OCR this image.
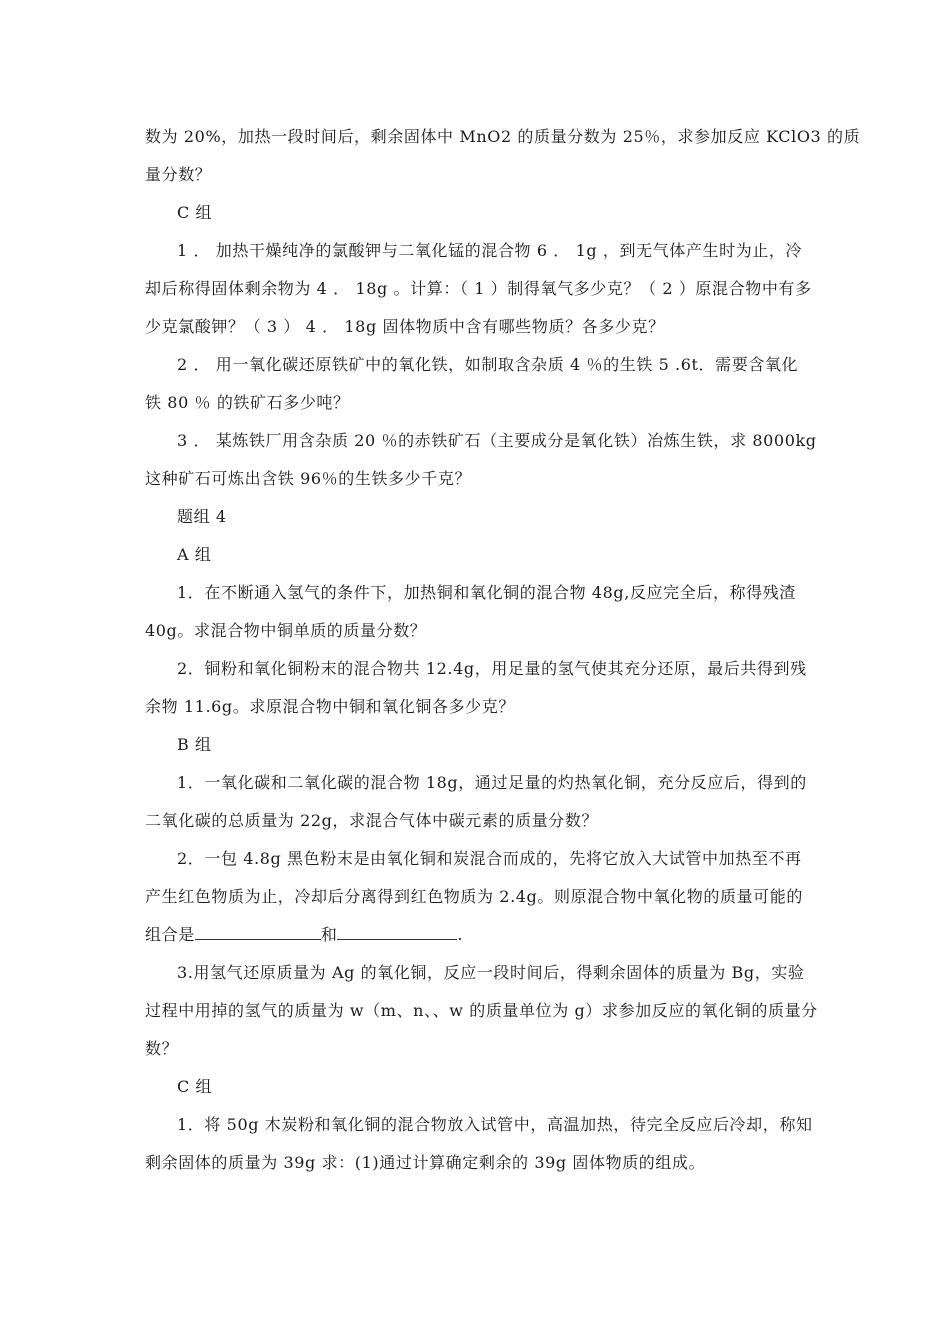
数为 20%，加热一段时间后，剩余固体中 MnO2 的质量分数为 25％，求参加反应 KClO3 的质
量分数？
C 组
1 ． 加热干燥纯净的氯酸钾与二氧化锰的混合物 6 ． 1g ，到无气体产生时为止，冷
却后称得固体剩余物为 4 ． 18g 。计算：（ 1 ）制得氧气多少克？（ 2 ）原混合物中有多
少克氯酸钾？（ 3 ） 4 ． 18g 固体物质中含有哪些物质？各多少克？
2 ． 用一氧化碳还原铁矿中的氧化铁，如制取含杂质 4 ％的生铁 5 .6t．需要含氧化
铁 80 ％ 的铁矿石多少吨？
3 ． 某炼铁厂用含杂质 20 ％的赤铁矿石（主要成分是氧化铁）冶炼生铁，求 8000kg
这种矿石可炼出含铁 96％的生铁多少千克？
题组 4
A 组
1．在不断通入氢气的条件下，加热铜和氧化铜的混合物 48g,反应完全后，称得残渣
40g。求混合物中铜单质的质量分数？
2．铜粉和氧化铜粉末的混合物共 12.4g，用足量的氢气使其充分还原，最后共得到残
余物 11.6g。求原混合物中铜和氧化铜各多少克？
B 组
1．一氧化碳和二氧化碳的混合物 18g，通过足量的灼热氧化铜，充分反应后，得到的
二氧化碳的总质量为 22g，求混合气体中碳元素的质量分数？
2．一包 4.8g 黑色粉末是由氧化铜和炭混合而成的，先将它放入大试管中加热至不再
产生红色物质为止，冷却后分离得到红色物质为 2.4g。则原混合物中氧化物的质量可能的
组合是	和	.
3.用氢气还原质量为 Ag 的氧化铜，反应一段时间后，得剩余固体的质量为 Bg，实验
过程中用掉的氢气的质量为 w（m、n、、w 的质量单位为 g）求参加反应的氧化铜的质量分
数？
C 组
1．将 50g 木炭粉和氧化铜的混合物放入试管中，高温加热，待完全反应后冷却，称知
剩余固体的质量为 39g 求：(1)通过计算确定剩余的 39g 固体物质的组成。
